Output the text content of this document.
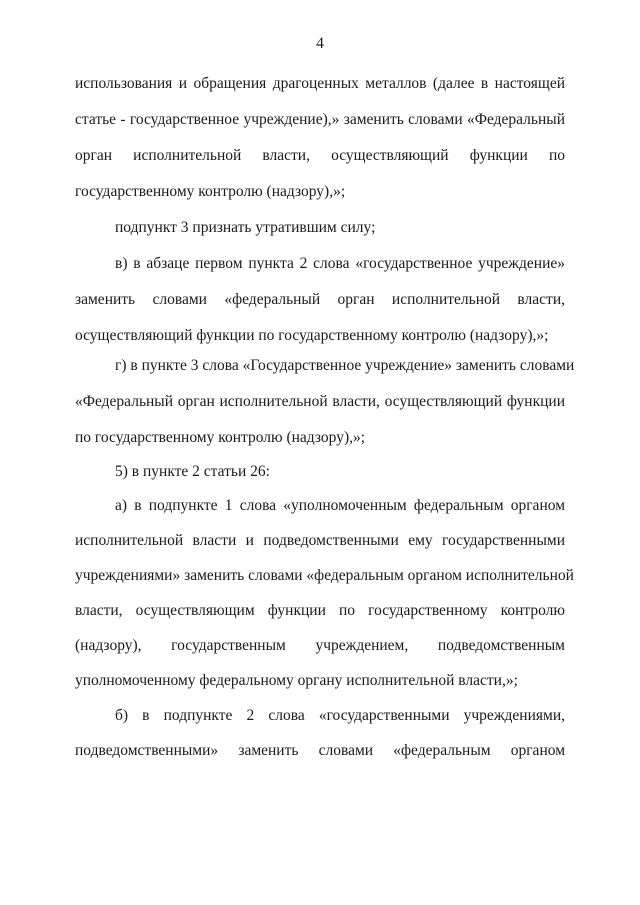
4
использования и обращения драгоценных металлов (далее в настоящей
статье - государственное учреждение),» заменить словами «Федеральный
орган исполнительной власти, осуществляющий функции по
государственному контролю (надзору),»;
подпункт 3 признать утратившим силу;
в) в абзаце первом пункта 2 слова «государственное учреждение»
заменить словами «федеральный орган исполнительной власти,
осуществляющий функции по государственному контролю (надзору),»;
г) в пункте 3 слова «Государственное учреждение» заменить словами
«Федеральный орган исполнительной власти, осуществляющий функции
по государственному контролю (надзору),»;
5) в пункте 2 статьи 26:
а) в подпункте 1 слова «уполномоченным федеральным органом
исполнительной власти и подведомственными ему государственными
учреждениями» заменить словами «федеральным органом исполнительной
власти, осуществляющим функции по государственному контролю
(надзору), государственным учреждением, подведомственным
уполномоченному федеральному органу исполнительной власти,»;
б) в подпункте 2 слова «государственными учреждениями,
подведомственными» заменить словами «федеральным органом
